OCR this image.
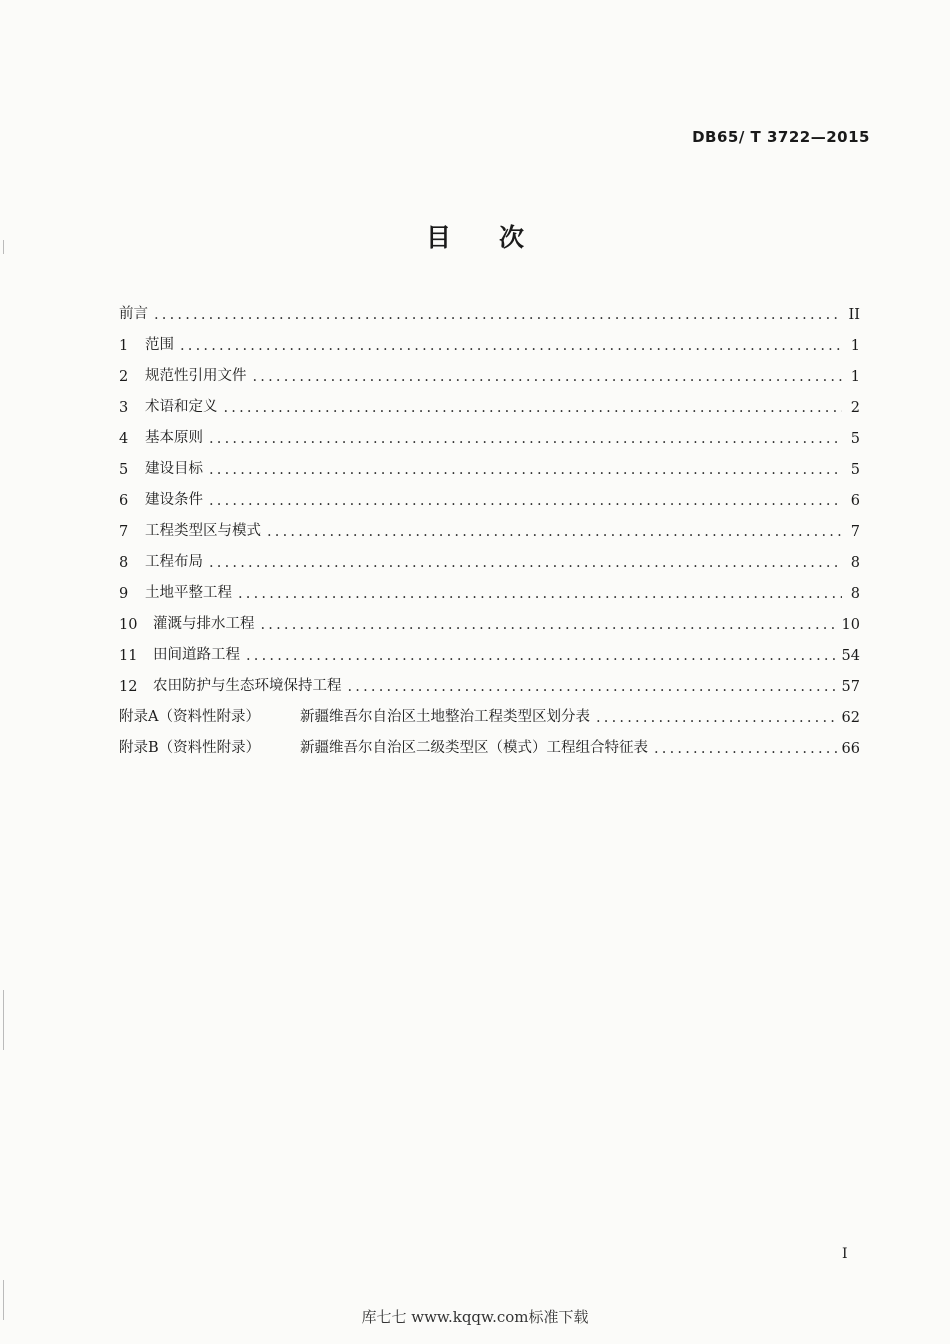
DB65/ T 3722—2015
目次
前言 .....	II
1	范围 .....	1
2	规范性引用文件 .....	1
3	术语和定义 .....	2
4	基本原则 .....	5
5	建设目标 .....	5
6	建设条件 .....	6
7	工程类型区与模式 .....	7
8	工程布局 .....	8
9	土地平整工程 .....	8
10	灌溉与排水工程 .....	10
11	田间道路工程 .....	54
12	农田防护与生态环境保持工程 .....	57
附录A（资料性附录）	新疆维吾尔自治区土地整治工程类型区划分表 .....	62
附录B（资料性附录）	新疆维吾尔自治区二级类型区（模式）工程组合特征表 .....	66
I
库七七 www.kqqw.com标准下载
